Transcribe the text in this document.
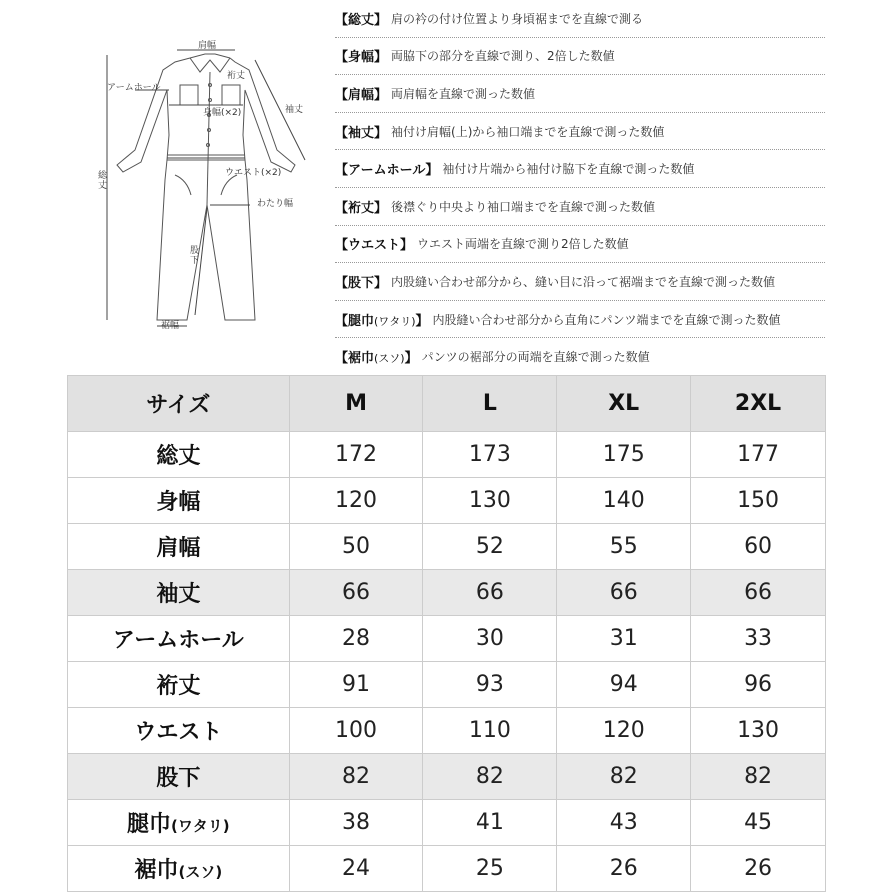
肩幅
アームホール
裄丈
身幅(×2)	袖丈
総丈	ウエスト(×2)
わたり幅
股下
裾幅
【総丈】 肩の衿の付け位置より身頃裾までを直線で測る
【身幅】 両脇下の部分を直線で測り、2倍した数値
【肩幅】 両肩幅を直線で測った数値
【袖丈】 袖付け肩幅(上)から袖口端までを直線で測った数値
【アームホール】 袖付け片端から袖付け脇下を直線で測った数値
【裄丈】 後襟ぐり中央より袖口端までを直線で測った数値
【ウエスト】 ウエスト両端を直線で測り2倍した数値
【股下】 内股縫い合わせ部分から、縫い目に沿って裾端までを直線で測った数値
【腿巾(ワタリ)】 内股縫い合わせ部分から直角にパンツ端までを直線で測った数値
【裾巾(スソ)】 パンツの裾部分の両端を直線で測った数値
サイズ	M	L	XL	2XL
総丈	172	173	175	177
身幅	120	130	140	150
肩幅	50	52	55	60
袖丈	66	66	66	66
アームホール	28	30	31	33
裄丈	91	93	94	96
ウエスト	100	110	120	130
股下	82	82	82	82
腿巾(ワタリ)	38	41	43	45
裾巾(スソ)	24	25	26	26
